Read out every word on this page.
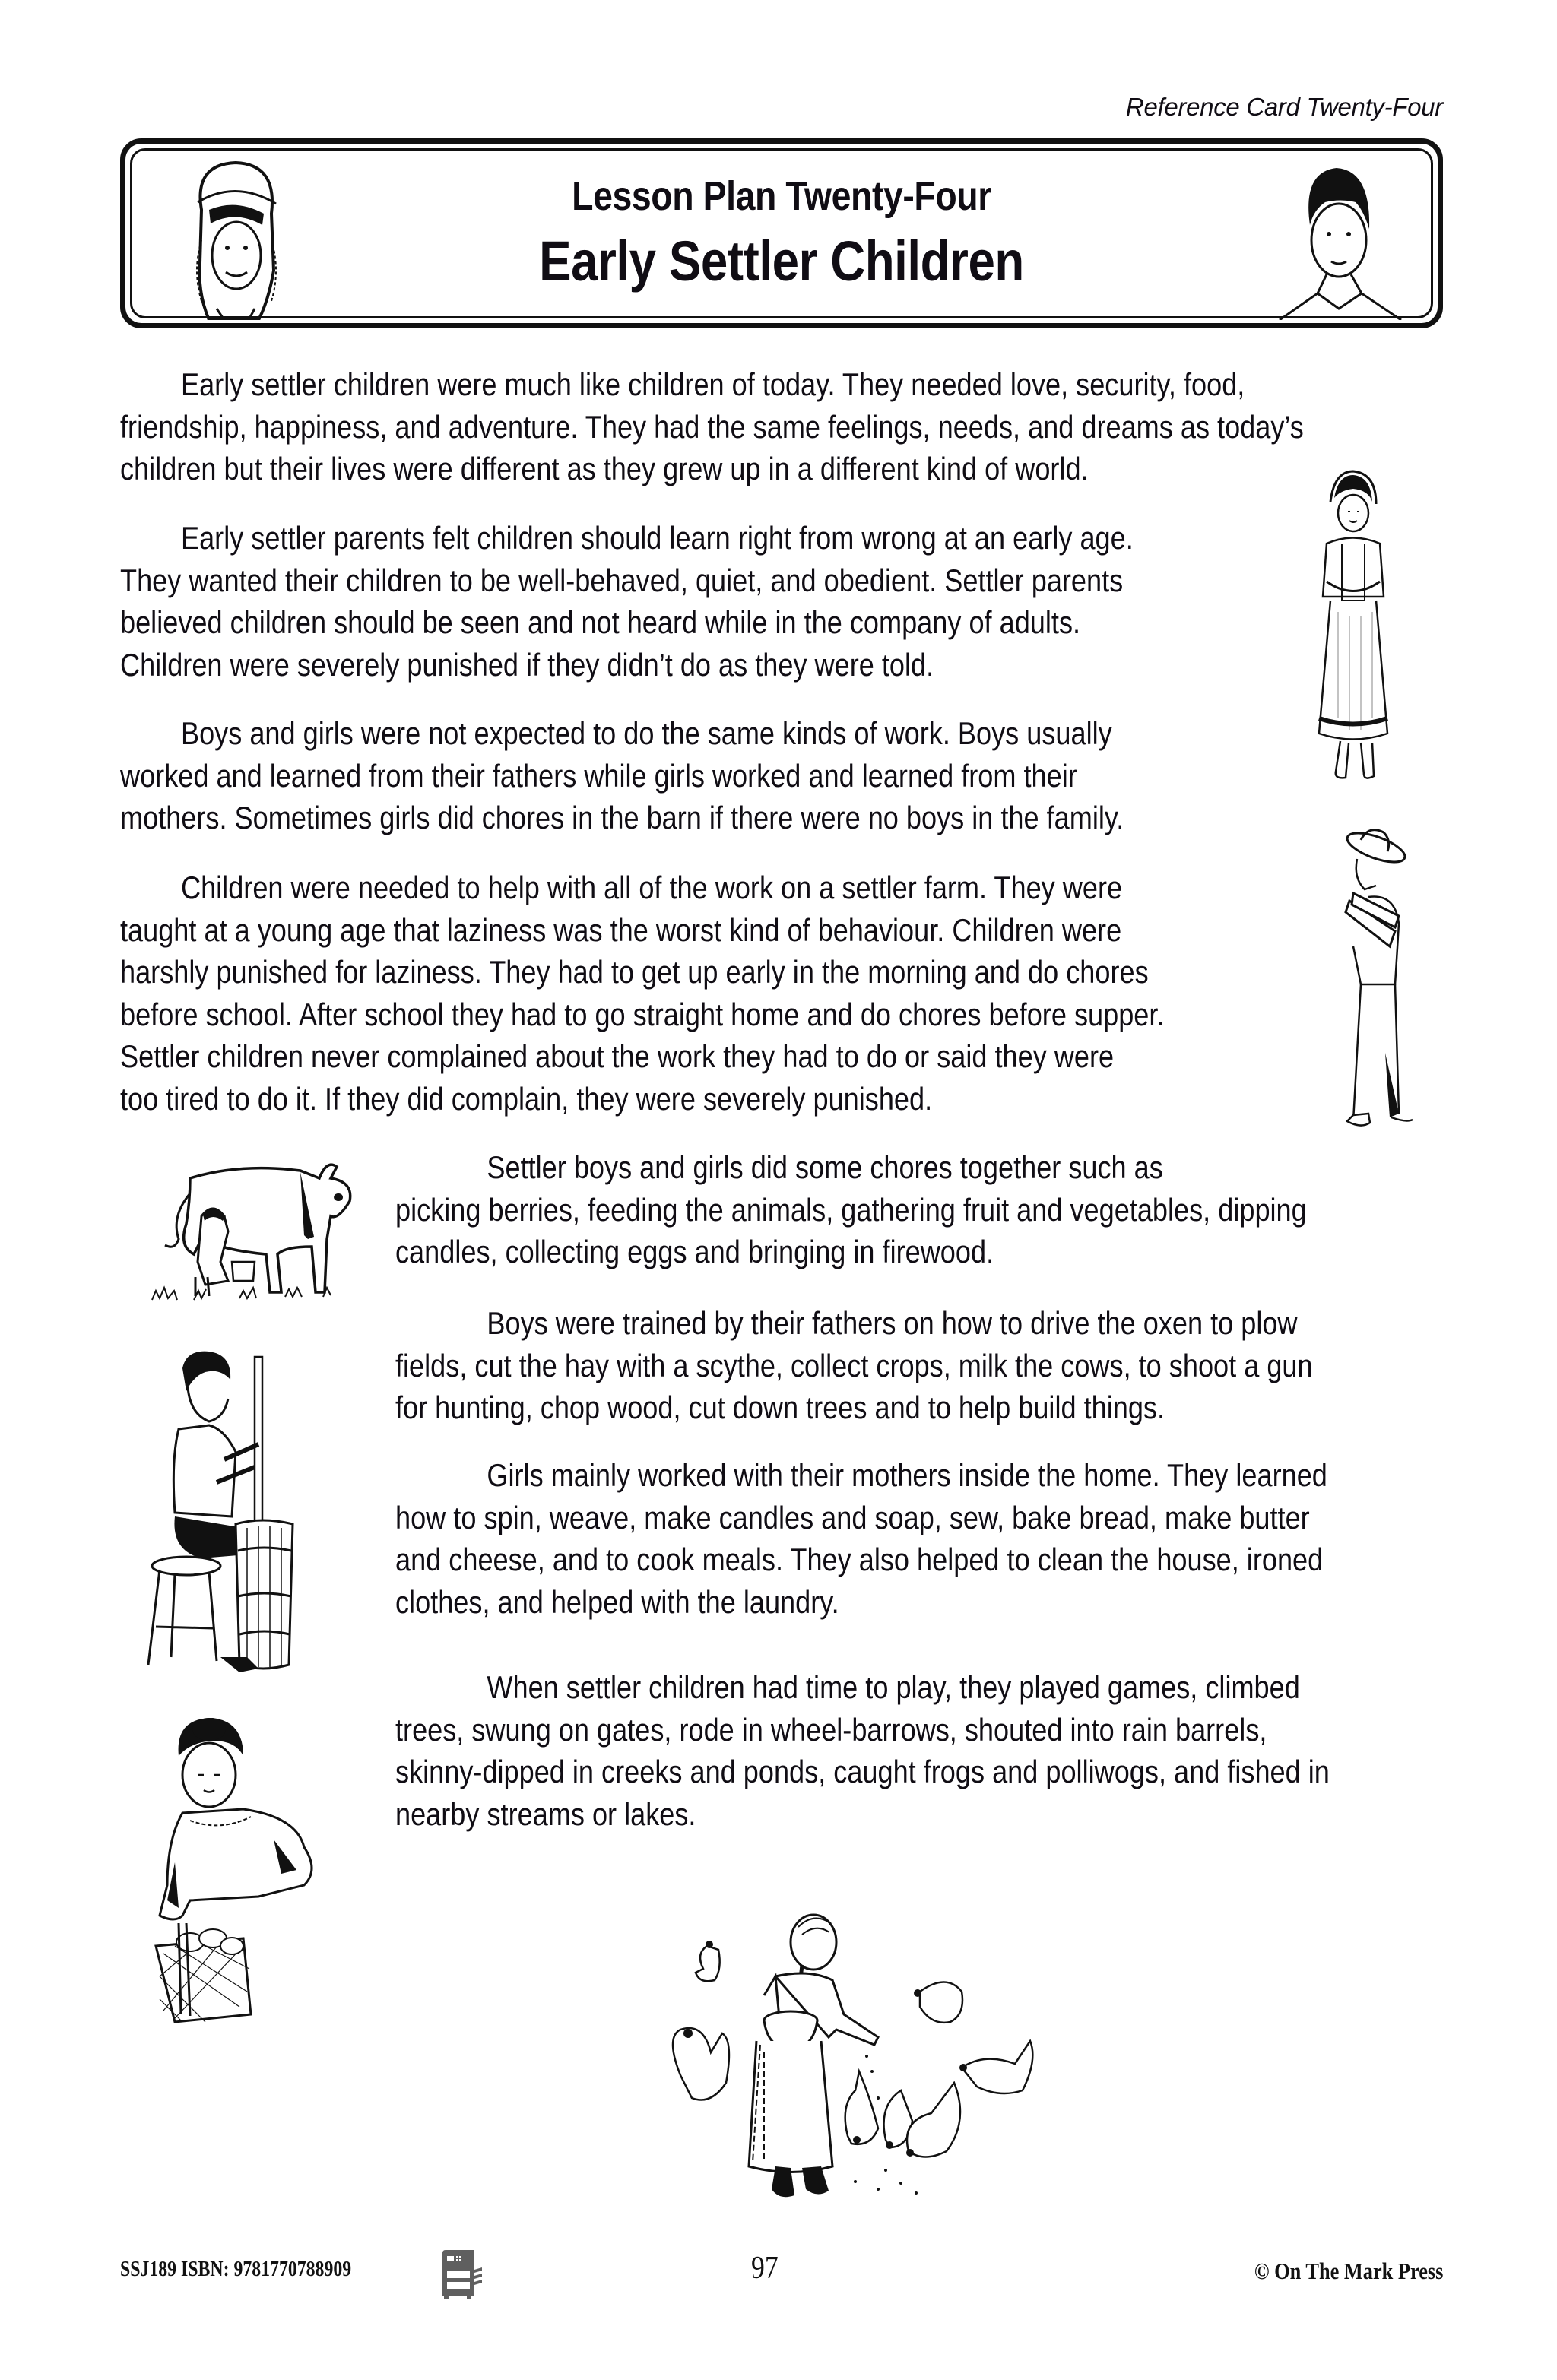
Reference Card Twenty-Four
Lesson Plan Twenty-Four
Early Settler Children
Early settler children were much like children of today. They needed love, security, food,
friendship, happiness, and adventure. They had the same feelings, needs, and dreams as today’s
children but their lives were different as they grew up in a different kind of world.
Early settler parents felt children should learn right from wrong at an early age.
They wanted their children to be well-behaved, quiet, and obedient. Settler parents
believed children should be seen and not heard while in the company of adults.
Children were severely punished if they didn’t do as they were told.
Boys and girls were not expected to do the same kinds of work. Boys usually
worked and learned from their fathers while girls worked and learned from their
mothers. Sometimes girls did chores in the barn if there were no boys in the family.
Children were needed to help with all of the work on a settler farm. They were
taught at a young age that laziness was the worst kind of behaviour. Children were
harshly punished for laziness. They had to get up early in the morning and do chores
before school. After school they had to go straight home and do chores before supper.
Settler children never complained about the work they had to do or said they were
too tired to do it. If they did complain, they were severely punished.
Settler boys and girls did some chores together such as
picking berries, feeding the animals, gathering fruit and vegetables, dipping
candles, collecting eggs and bringing in firewood.
Boys were trained by their fathers on how to drive the oxen to plow
fields, cut the hay with a scythe, collect crops, milk the cows, to shoot a gun
for hunting, chop wood, cut down trees and to help build things.
Girls mainly worked with their mothers inside the home. They learned
how to spin, weave, make candles and soap, sew, bake bread, make butter
and cheese, and to cook meals. They also helped to clean the house, ironed
clothes, and helped with the laundry.
When settler children had time to play, they played games, climbed
trees, swung on gates, rode in wheel-barrows, shouted into rain barrels,
skinny-dipped in creeks and ponds, caught frogs and polliwogs, and fished in
nearby streams or lakes.
SSJ189 ISBN: 9781770788909	97	© On The Mark Press
